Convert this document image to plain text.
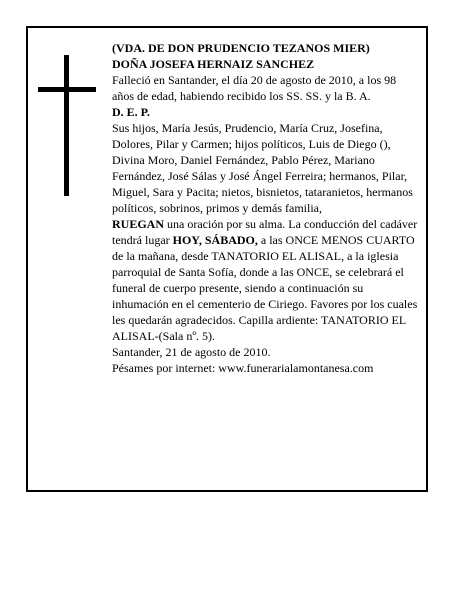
(VDA. DE DON PRUDENCIO TEZANOS MIER)

DOÑA JOSEFA HERNAIZ SANCHEZ

Falleció en Santander, el día 20 de agosto de 2010, a los 98 años de edad, habiendo recibido los SS. SS. y la B. A.

D. E. P.

Sus hijos, María Jesús, Prudencio, María Cruz, Josefina, Dolores, Pilar y Carmen; hijos políticos, Luis de Diego (), Divina Moro, Daniel Fernández, Pablo Pérez, Mariano Fernández, José Sálas y José Ángel Ferreira; hermanos, Pilar, Miguel, Sara y Pacita; nietos, bisnietos, tataranietos, hermanos políticos, sobrinos, primos y demás familia,

RUEGAN una oración por su alma. La conducción del cadáver tendrá lugar HOY, SÁBADO, a las ONCE MENOS CUARTO de la mañana, desde TANATORIO EL ALISAL, a la iglesia parroquial de Santa Sofía, donde a las ONCE, se celebrará el funeral de cuerpo presente, siendo a continuación su inhumación en el cementerio de Ciriego. Favores por los cuales les quedarán agradecidos. Capilla ardiente: TANATORIO EL ALISAL-(Sala nº. 5).

Santander, 21 de agosto de 2010.

Pésames por internet: www.funerarialamontanesa.com
